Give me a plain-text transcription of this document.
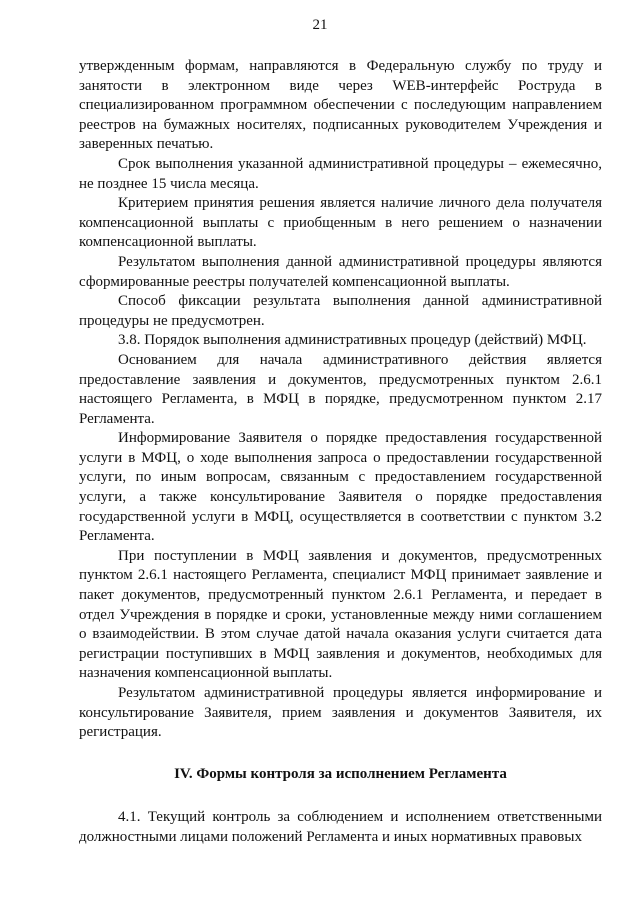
21

утвержденным формам, направляются в Федеральную службу по труду и занятости в электронном виде через WEB-интерфейс Роструда в специализированном программном обеспечении с последующим направлением реестров на бумажных носителях, подписанных руководителем Учреждения и заверенных печатью.

Срок выполнения указанной административной процедуры – ежемесячно, не позднее 15 числа месяца.

Критерием принятия решения является наличие личного дела получателя компенсационной выплаты с приобщенным в него решением о назначении компенсационной выплаты.

Результатом выполнения данной административной процедуры являются сформированные реестры получателей компенсационной выплаты.

Способ фиксации результата выполнения данной административной процедуры не предусмотрен.

3.8. Порядок выполнения административных процедур (действий) МФЦ.

Основанием для начала административного действия является предоставление заявления и документов, предусмотренных пунктом 2.6.1 настоящего Регламента, в МФЦ в порядке, предусмотренном пунктом 2.17 Регламента.

Информирование Заявителя о порядке предоставления государственной услуги в МФЦ, о ходе выполнения запроса о предоставлении государственной услуги, по иным вопросам, связанным с предоставлением государственной услуги, а также консультирование Заявителя о порядке предоставления государственной услуги в МФЦ, осуществляется в соответствии с пунктом 3.2 Регламента.

При поступлении в МФЦ заявления и документов, предусмотренных пунктом 2.6.1 настоящего Регламента, специалист МФЦ принимает заявление и пакет документов, предусмотренный пунктом 2.6.1 Регламента, и передает в отдел Учреждения в порядке и сроки, установленные между ними соглашением о взаимодействии. В этом случае датой начала оказания услуги считается дата регистрации поступивших в МФЦ заявления и документов, необходимых для назначения компенсационной выплаты.

Результатом административной процедуры является информирование и консультирование Заявителя, прием заявления и документов Заявителя, их регистрация.

IV. Формы контроля за исполнением Регламента

4.1. Текущий контроль за соблюдением и исполнением ответственными должностными лицами положений Регламента и иных нормативных правовых
